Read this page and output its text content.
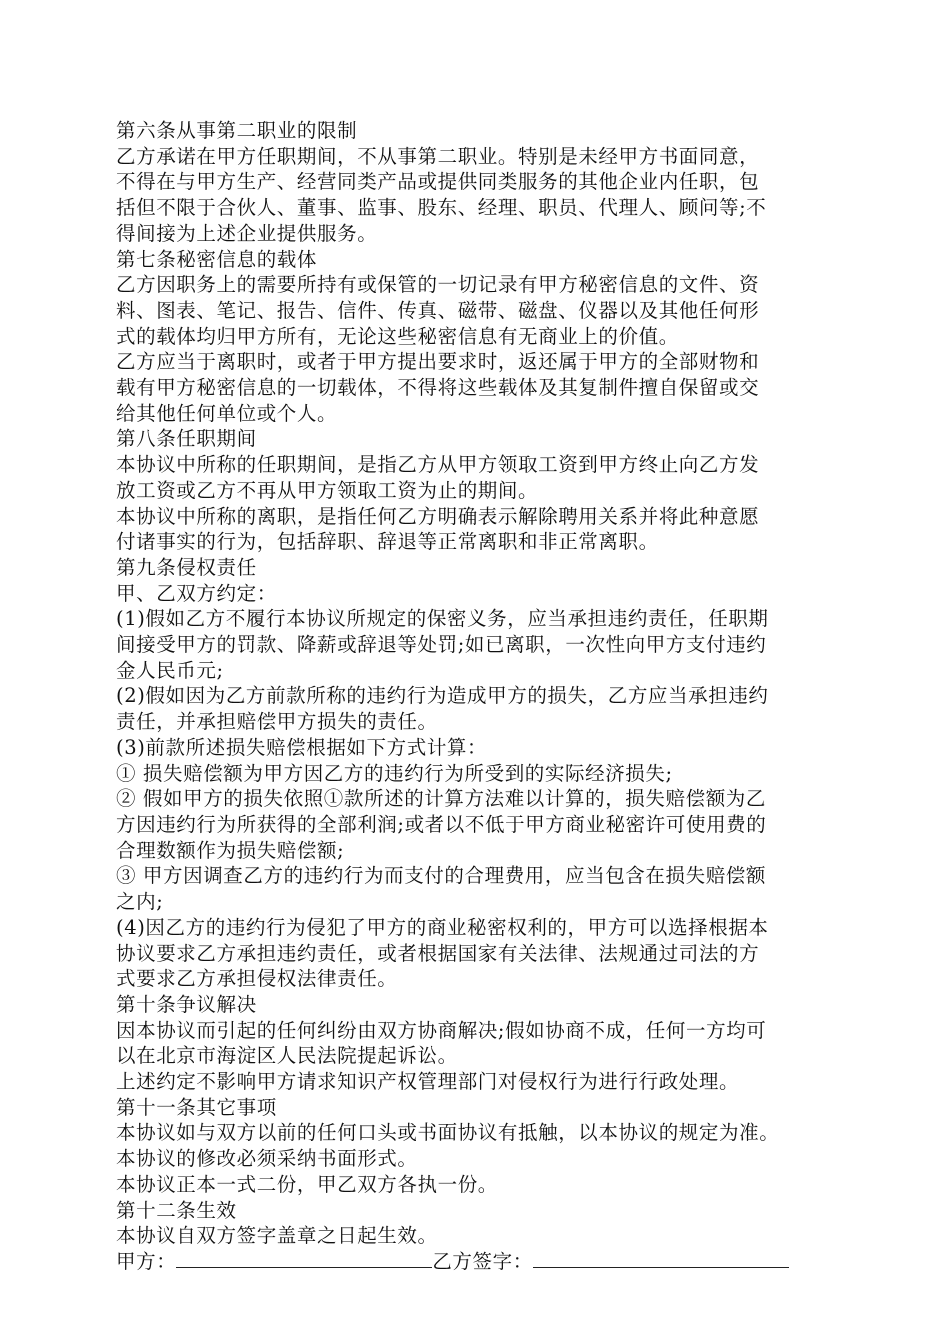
第六条从事第二职业的限制
乙方承诺在甲方任职期间，不从事第二职业。特别是未经甲方书面同意，
不得在与甲方生产、经营同类产品或提供同类服务的其他企业内任职，包
括但不限于合伙人、董事、监事、股东、经理、职员、代理人、顾问等;不
得间接为上述企业提供服务。
第七条秘密信息的载体
乙方因职务上的需要所持有或保管的一切记录有甲方秘密信息的文件、资
料、图表、笔记、报告、信件、传真、磁带、磁盘、仪器以及其他任何形
式的载体均归甲方所有，无论这些秘密信息有无商业上的价值。
乙方应当于离职时，或者于甲方提出要求时，返还属于甲方的全部财物和
载有甲方秘密信息的一切载体，不得将这些载体及其复制件擅自保留或交
给其他任何单位或个人。
第八条任职期间
本协议中所称的任职期间，是指乙方从甲方领取工资到甲方终止向乙方发
放工资或乙方不再从甲方领取工资为止的期间。
本协议中所称的离职，是指任何乙方明确表示解除聘用关系并将此种意愿
付诸事实的行为，包括辞职、辞退等正常离职和非正常离职。
第九条侵权责任
甲、乙双方约定：
(1)假如乙方不履行本协议所规定的保密义务，应当承担违约责任，任职期
间接受甲方的罚款、降薪或辞退等处罚;如已离职，一次性向甲方支付违约
金人民币元;
(2)假如因为乙方前款所称的违约行为造成甲方的损失，乙方应当承担违约
责任，并承担赔偿甲方损失的责任。
(3)前款所述损失赔偿根据如下方式计算：
① 损失赔偿额为甲方因乙方的违约行为所受到的实际经济损失;
② 假如甲方的损失依照①款所述的计算方法难以计算的，损失赔偿额为乙
方因违约行为所获得的全部利润;或者以不低于甲方商业秘密许可使用费的
合理数额作为损失赔偿额;
③ 甲方因调查乙方的违约行为而支付的合理费用，应当包含在损失赔偿额
之内;
(4)因乙方的违约行为侵犯了甲方的商业秘密权利的，甲方可以选择根据本
协议要求乙方承担违约责任，或者根据国家有关法律、法规通过司法的方
式要求乙方承担侵权法律责任。
第十条争议解决
因本协议而引起的任何纠纷由双方协商解决;假如协商不成，任何一方均可
以在北京市海淀区人民法院提起诉讼。
上述约定不影响甲方请求知识产权管理部门对侵权行为进行行政处理。
第十一条其它事项
本协议如与双方以前的任何口头或书面协议有抵触，以本协议的规定为准。
本协议的修改必须采纳书面形式。
本协议正本一式二份，甲乙双方各执一份。
第十二条生效
本协议自双方签字盖章之日起生效。
甲方：	乙方签字：
